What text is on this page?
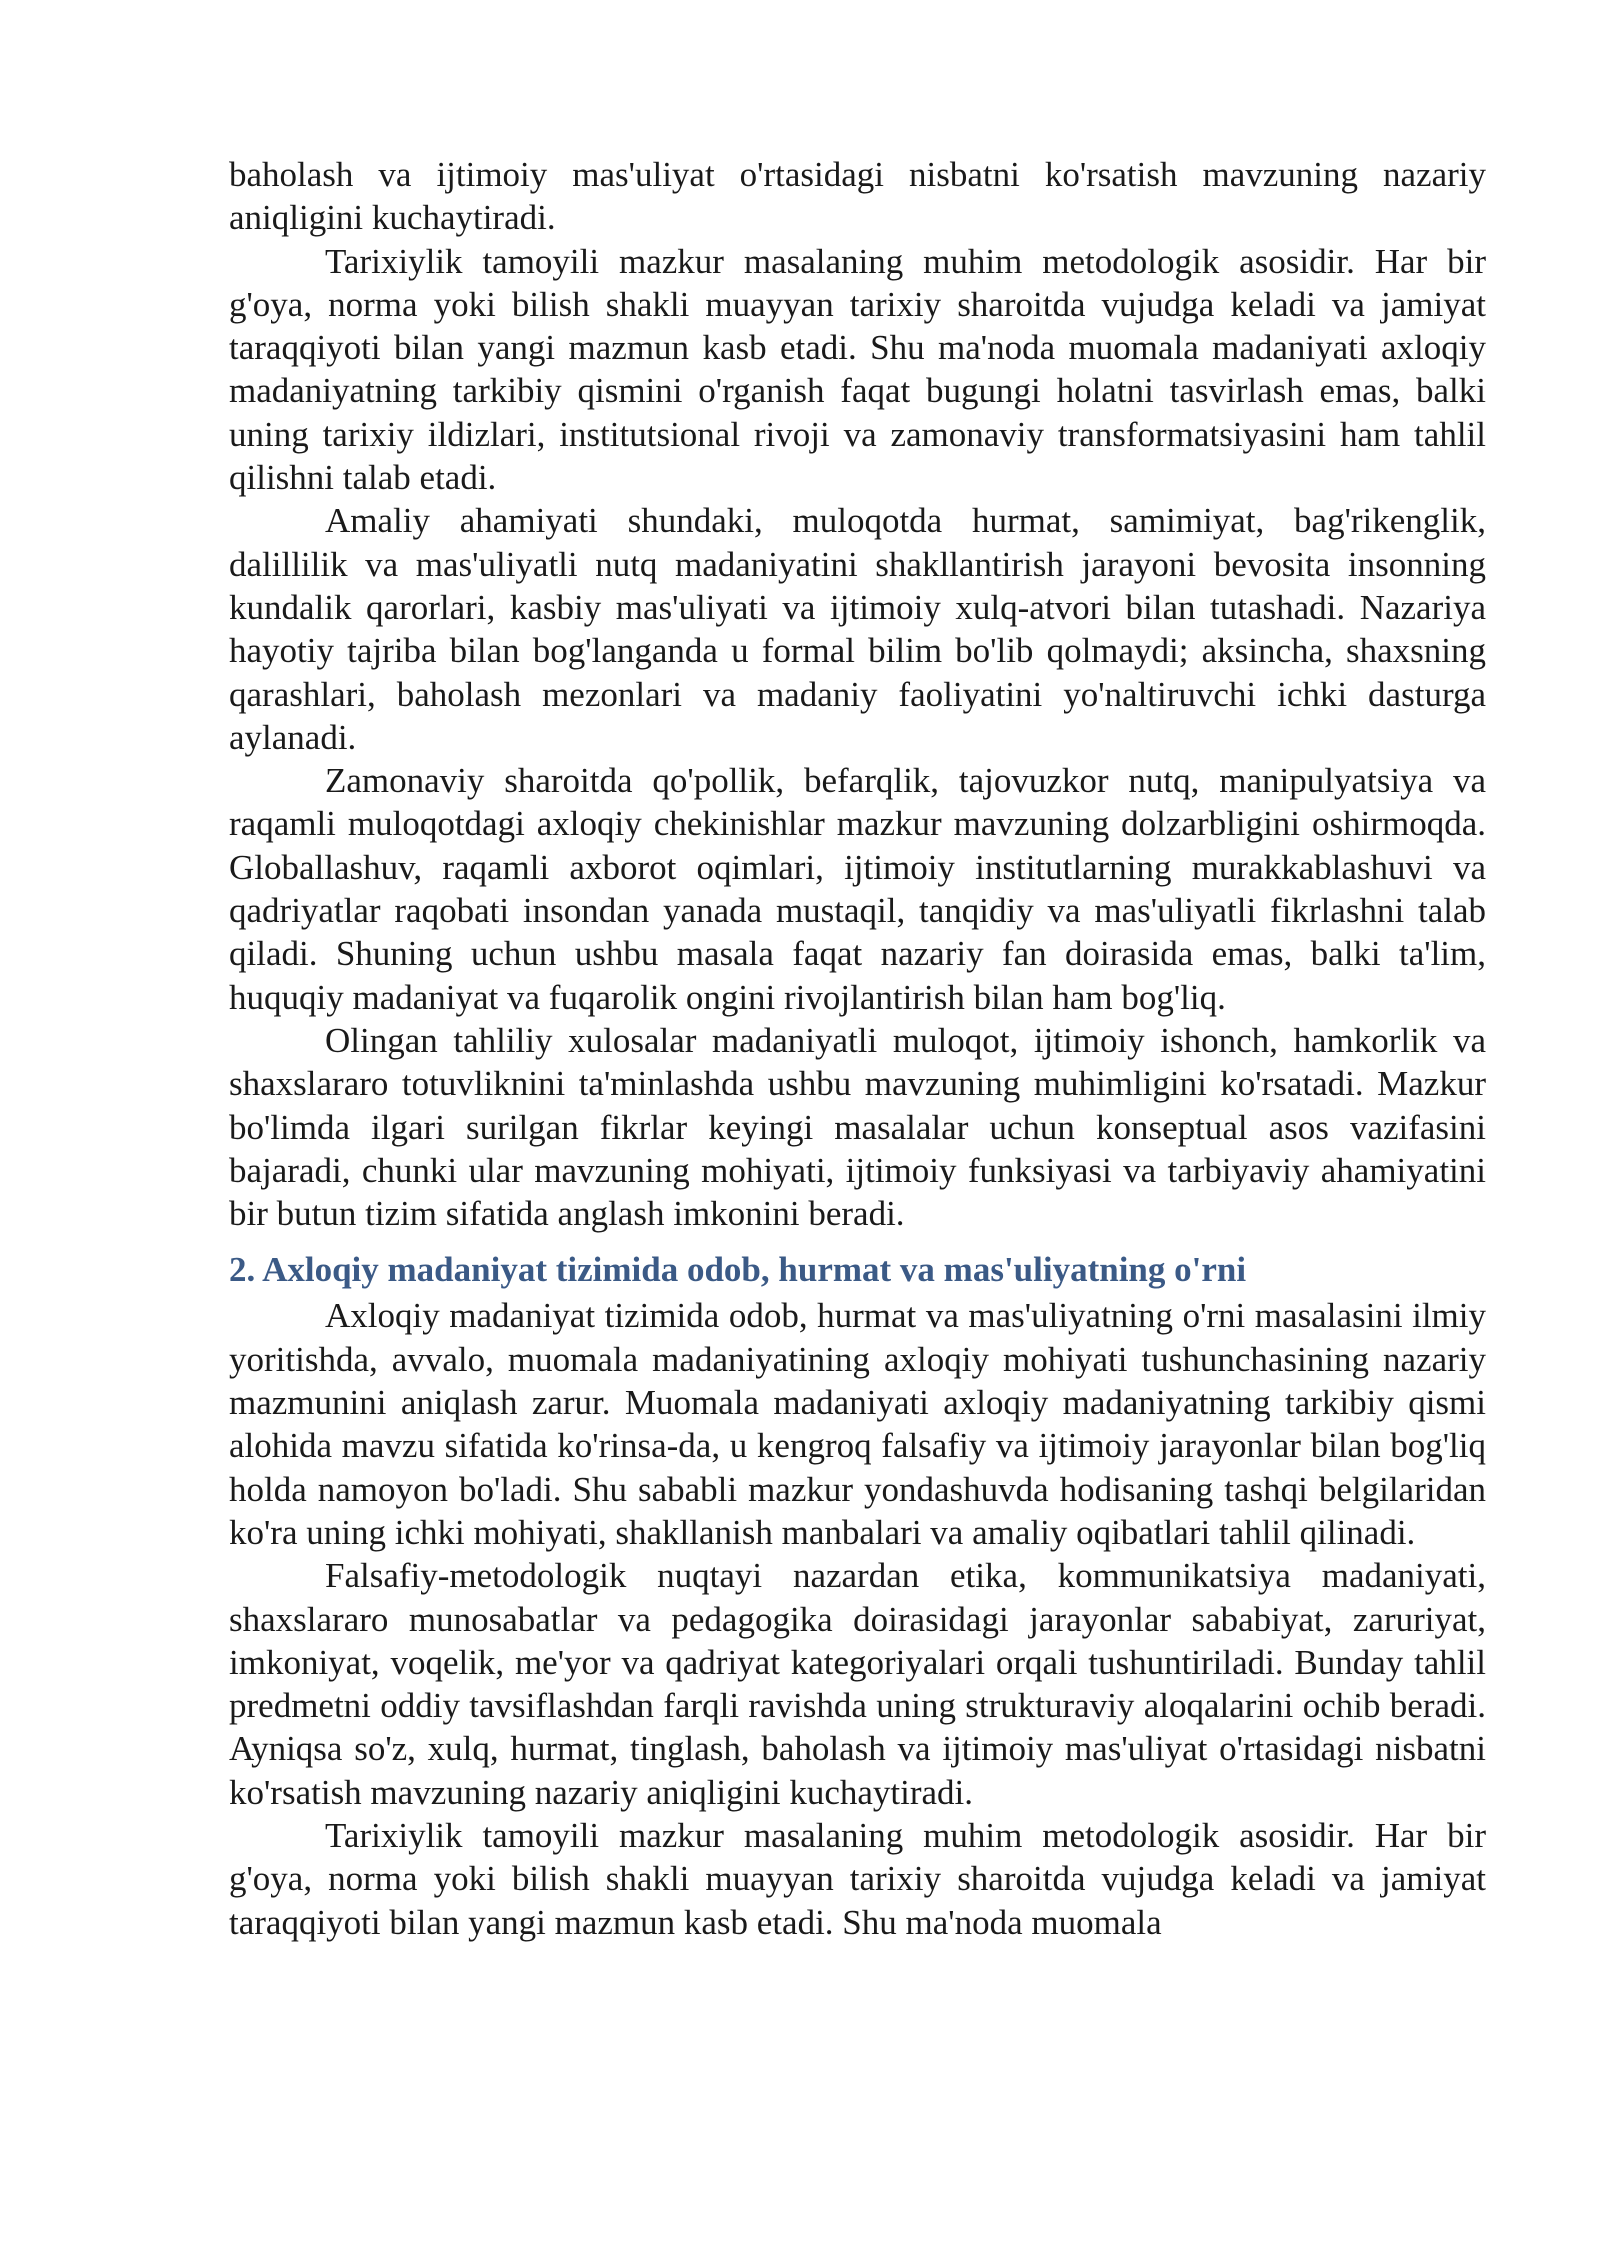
baholash va ijtimoiy mas'uliyat o'rtasidagi nisbatni ko'rsatish mavzuning nazariy aniqligini kuchaytiradi.

Tarixiylik tamoyili mazkur masalaning muhim metodologik asosidir. Har bir g'oya, norma yoki bilish shakli muayyan tarixiy sharoitda vujudga keladi va jamiyat taraqqiyoti bilan yangi mazmun kasb etadi. Shu ma'noda muomala madaniyati axloqiy madaniyatning tarkibiy qismini o'rganish faqat bugungi holatni tasvirlash emas, balki uning tarixiy ildizlari, institutsional rivoji va zamonaviy transformatsiyasini ham tahlil qilishni talab etadi.

Amaliy ahamiyati shundaki, muloqotda hurmat, samimiyat, bag'rikenglik, dalillilik va mas'uliyatli nutq madaniyatini shakllantirish jarayoni bevosita insonning kundalik qarorlari, kasbiy mas'uliyati va ijtimoiy xulq-atvori bilan tutashadi. Nazariya hayotiy tajriba bilan bog'langanda u formal bilim bo'lib qolmaydi; aksincha, shaxsning qarashlari, baholash mezonlari va madaniy faoliyatini yo'naltiruvchi ichki dasturga aylanadi.

Zamonaviy sharoitda qo'pollik, befarqlik, tajovuzkor nutq, manipulyatsiya va raqamli muloqotdagi axloqiy chekinishlar mazkur mavzuning dolzarbligini oshirmoqda. Globallashuv, raqamli axborot oqimlari, ijtimoiy institutlarning murakkablashuvi va qadriyatlar raqobati insondan yanada mustaqil, tanqidiy va mas'uliyatli fikrlashni talab qiladi. Shuning uchun ushbu masala faqat nazariy fan doirasida emas, balki ta'lim, huquqiy madaniyat va fuqarolik ongini rivojlantirish bilan ham bog'liq.

Olingan tahliliy xulosalar madaniyatli muloqot, ijtimoiy ishonch, hamkorlik va shaxslararo totuvliknini ta'minlashda ushbu mavzuning muhimligini ko'rsatadi. Mazkur bo'limda ilgari surilgan fikrlar keyingi masalalar uchun konseptual asos vazifasini bajaradi, chunki ular mavzuning mohiyati, ijtimoiy funksiyasi va tarbiyaviy ahamiyatini bir butun tizim sifatida anglash imkonini beradi.

2. Axloqiy madaniyat tizimida odob, hurmat va mas'uliyatning o'rni

Axloqiy madaniyat tizimida odob, hurmat va mas'uliyatning o'rni masalasini ilmiy yoritishda, avvalo, muomala madaniyatining axloqiy mohiyati tushunchasining nazariy mazmunini aniqlash zarur. Muomala madaniyati axloqiy madaniyatning tarkibiy qismi alohida mavzu sifatida ko'rinsa-da, u kengroq falsafiy va ijtimoiy jarayonlar bilan bog'liq holda namoyon bo'ladi. Shu sababli mazkur yondashuvda hodisaning tashqi belgilaridan ko'ra uning ichki mohiyati, shakllanish manbalari va amaliy oqibatlari tahlil qilinadi.

Falsafiy-metodologik nuqtayi nazardan etika, kommunikatsiya madaniyati, shaxslararo munosabatlar va pedagogika doirasidagi jarayonlar sababiyat, zaruriyat, imkoniyat, voqelik, me'yor va qadriyat kategoriyalari orqali tushuntiriladi. Bunday tahlil predmetni oddiy tavsiflashdan farqli ravishda uning strukturaviy aloqalarini ochib beradi. Ayniqsa so'z, xulq, hurmat, tinglash, baholash va ijtimoiy mas'uliyat o'rtasidagi nisbatni ko'rsatish mavzuning nazariy aniqligini kuchaytiradi.

Tarixiylik tamoyili mazkur masalaning muhim metodologik asosidir. Har bir g'oya, norma yoki bilish shakli muayyan tarixiy sharoitda vujudga keladi va jamiyat taraqqiyoti bilan yangi mazmun kasb etadi. Shu ma'noda muomala
